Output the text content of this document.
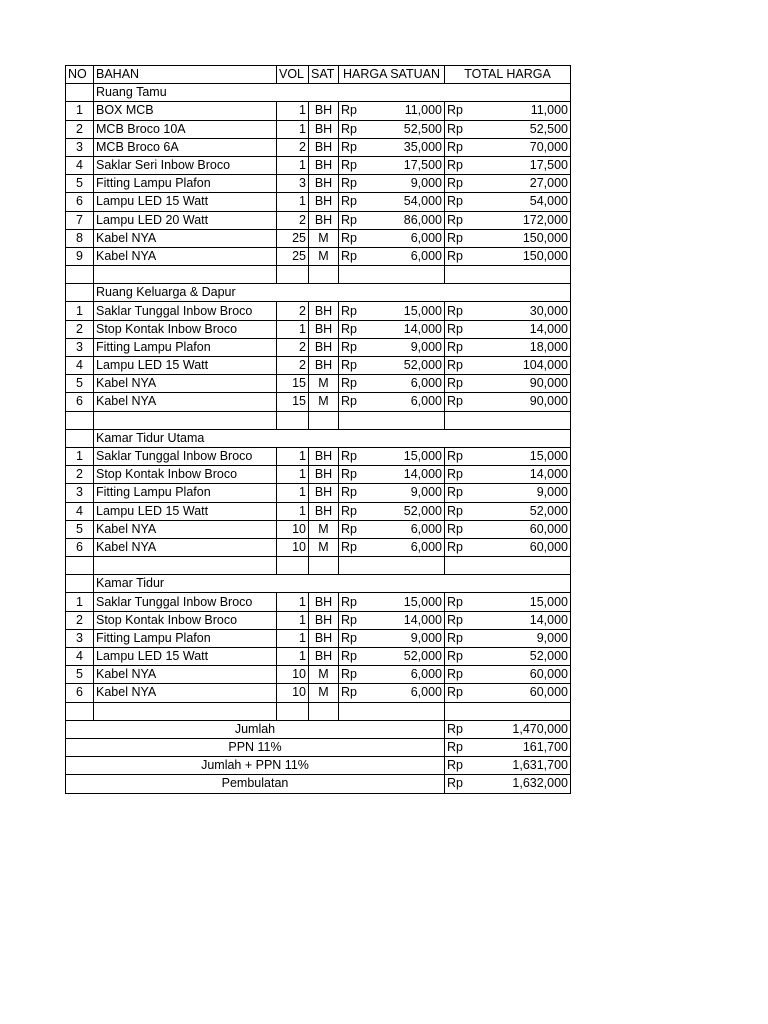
NO	BAHAN	VOL	SAT	HARGA SATUAN		TOTAL HARGA	
	Ruang Tamu						
1	BOX MCB	1	BH	Rp	11,000	Rp	11,000
2	MCB Broco 10A	1	BH	Rp	52,500	Rp	52,500
3	MCB Broco 6A	2	BH	Rp	35,000	Rp	70,000
4	Saklar Seri Inbow Broco	1	BH	Rp	17,500	Rp	17,500
5	Fitting Lampu Plafon	3	BH	Rp	9,000	Rp	27,000
6	Lampu LED 15 Watt	1	BH	Rp	54,000	Rp	54,000
7	Lampu LED 20 Watt	2	BH	Rp	86,000	Rp	172,000
8	Kabel NYA	25	M	Rp	6,000	Rp	150,000
9	Kabel NYA	25	M	Rp	6,000	Rp	150,000

	Ruang Keluarga & Dapur						
1	Saklar Tunggal Inbow Broco	2	BH	Rp	15,000	Rp	30,000
2	Stop Kontak Inbow Broco	1	BH	Rp	14,000	Rp	14,000
3	Fitting Lampu Plafon	2	BH	Rp	9,000	Rp	18,000
4	Lampu LED 15 Watt	2	BH	Rp	52,000	Rp	104,000
5	Kabel NYA	15	M	Rp	6,000	Rp	90,000
6	Kabel NYA	15	M	Rp	6,000	Rp	90,000

	Kamar Tidur Utama						
1	Saklar Tunggal Inbow Broco	1	BH	Rp	15,000	Rp	15,000
2	Stop Kontak Inbow Broco	1	BH	Rp	14,000	Rp	14,000
3	Fitting Lampu Plafon	1	BH	Rp	9,000	Rp	9,000
4	Lampu LED 15 Watt	1	BH	Rp	52,000	Rp	52,000
5	Kabel NYA	10	M	Rp	6,000	Rp	60,000
6	Kabel NYA	10	M	Rp	6,000	Rp	60,000

	Kamar Tidur						
1	Saklar Tunggal Inbow Broco	1	BH	Rp	15,000	Rp	15,000
2	Stop Kontak Inbow Broco	1	BH	Rp	14,000	Rp	14,000
3	Fitting Lampu Plafon	1	BH	Rp	9,000	Rp	9,000
4	Lampu LED 15 Watt	1	BH	Rp	52,000	Rp	52,000
5	Kabel NYA	10	M	Rp	6,000	Rp	60,000
6	Kabel NYA	10	M	Rp	6,000	Rp	60,000

Jumlah						Rp	1,470,000
PPN 11%						Rp	161,700
Jumlah + PPN 11%						Rp	1,631,700
Pembulatan						Rp	1,632,000
